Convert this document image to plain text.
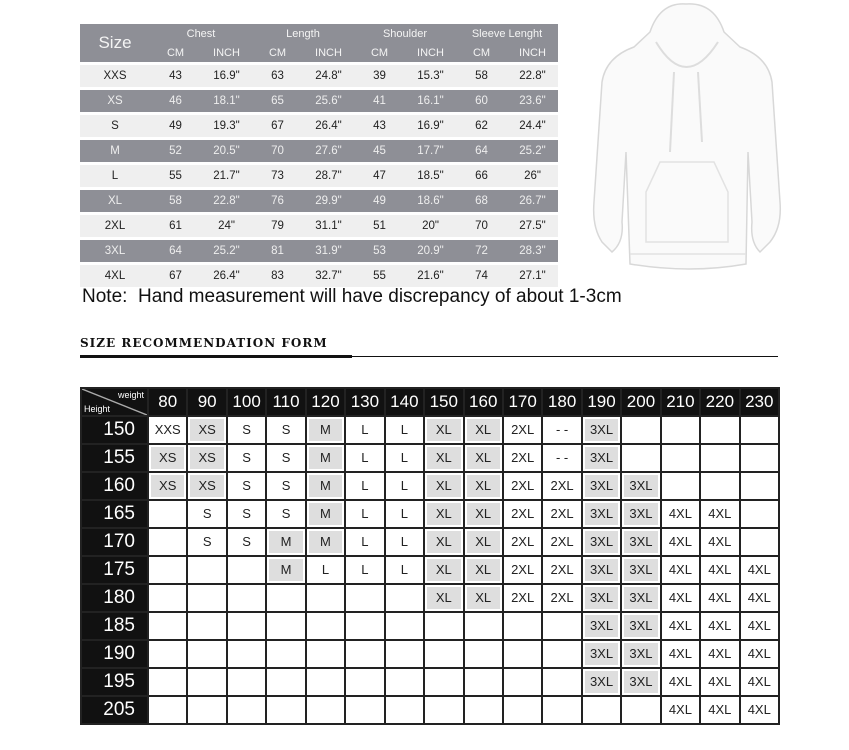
Size	Chest		Length		Shoulder		Sleeve Lenght	
	CM	INCH	CM	INCH	CM	INCH	CM	INCH

XXS	43	16.9"	63	24.8"	39	15.3"	58	22.8"

XS	46	18.1"	65	25.6"	41	16.1"	60	23.6"

S	49	19.3"	67	26.4"	43	16.9"	62	24.4"

M	52	20.5"	70	27.6"	45	17.7"	64	25.2"

L	55	21.7"	73	28.7"	47	18.5"	66	26"

XL	58	22.8"	76	29.9"	49	18.6"	68	26.7"

2XL	61	24"	79	31.1"	51	20"	70	27.5"

3XL	64	25.2"	81	31.9"	53	20.9"	72	28.3"

4XL	67	26.4"	83	32.7"	55	21.6"	74	27.1"
Note:  Hand measurement will have discrepancy of about 1-3cm
SIZE RECOMMENDATION FORM
weight
Height	80	90	100	110	120	130	140	150	160	170	180	190	200	210	220	230
150	XXS	XS	S	S	M	L	L	XL	XL	2XL	- -	3XL				

155	XS	XS	S	S	M	L	L	XL	XL	2XL	- -	3XL				

160	XS	XS	S	S	M	L	L	XL	XL	2XL	2XL	3XL	3XL			

165		S	S	S	M	L	L	XL	XL	2XL	2XL	3XL	3XL	4XL	4XL	

170		S	S	M	M	L	L	XL	XL	2XL	2XL	3XL	3XL	4XL	4XL	

175				M	L	L	L	XL	XL	2XL	2XL	3XL	3XL	4XL	4XL	4XL

180								XL	XL	2XL	2XL	3XL	3XL	4XL	4XL	4XL

185												3XL	3XL	4XL	4XL	4XL

190												3XL	3XL	4XL	4XL	4XL

195												3XL	3XL	4XL	4XL	4XL

205														4XL	4XL	4XL
